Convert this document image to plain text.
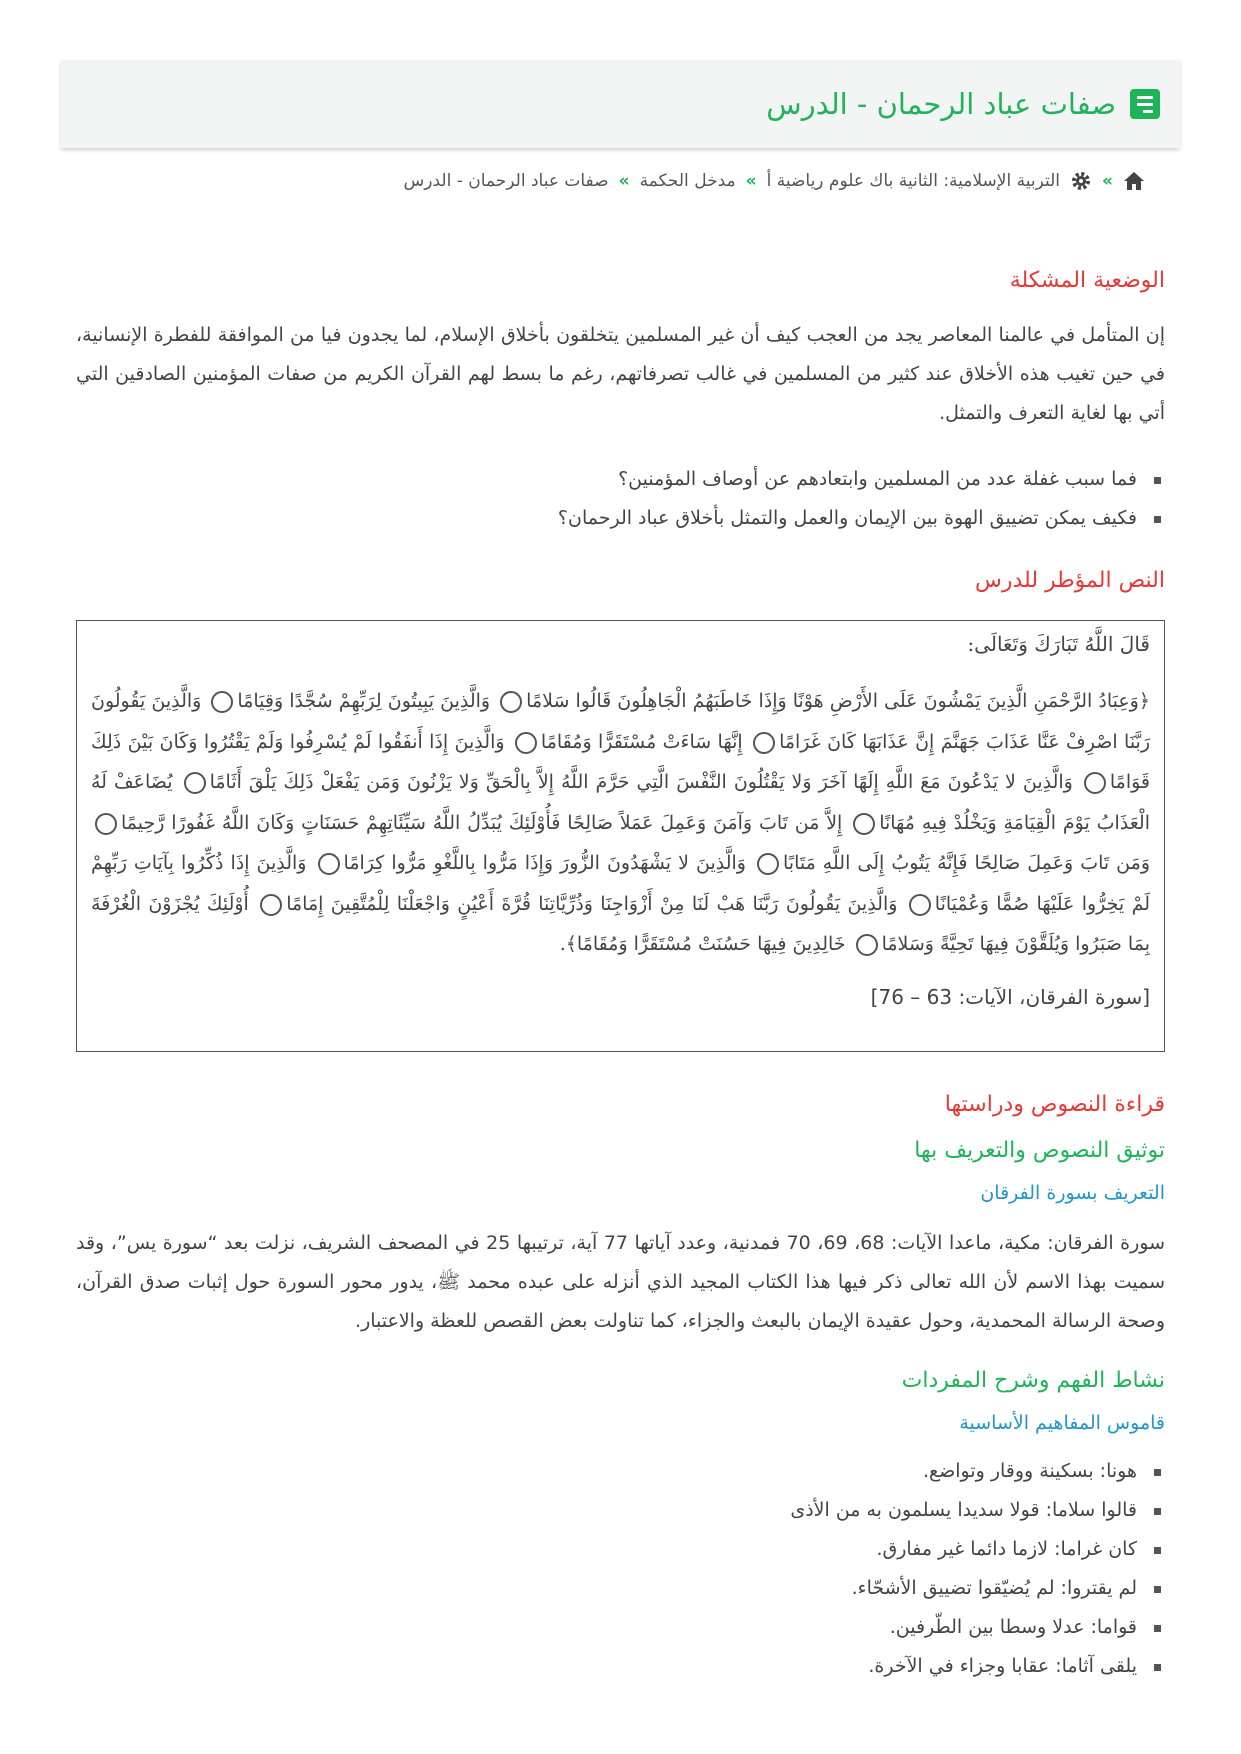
صفات عباد الرحمان - الدرس
»
التربية الإسلامية: الثانية باك علوم رياضية أ
»
مدخل الحكمة
»
صفات عباد الرحمان - الدرس
الوضعية المشكلة

إن المتأمل في عالمنا المعاصر يجد من العجب كيف أن غير المسلمين يتخلقون بأخلاق الإسلام، لما يجدون فيا من الموافقة للفطرة الإنسانية، في حين تغيب هذه الأخلاق عند كثير من المسلمين في غالب تصرفاتهم، رغم ما بسط لهم القرآن الكريم من صفات المؤمنين الصادقين التي أتي بها لغاية التعرف والتمثل.

فما سبب غفلة عدد من المسلمين وابتعادهم عن أوصاف المؤمنين؟
فكيف يمكن تضييق الهوة بين الإيمان والعمل والتمثل بأخلاق عباد الرحمان؟
النص المؤطر للدرس
قَالَ اللَّهُ تَبَارَكَ وَتَعَالَى:
﴿وَعِبَادُ الرَّحْمَنِ الَّذِينَ يَمْشُونَ عَلَى الأَرْضِ هَوْنًا وَإِذَا خَاطَبَهُمُ الْجَاهِلُونَ قَالُوا سَلامًا وَالَّذِينَ يَبِيتُونَ لِرَبِّهِمْ سُجَّدًا وَقِيَامًا وَالَّذِينَ يَقُولُونَ رَبَّنَا اصْرِفْ عَنَّا عَذَابَ جَهَنَّمَ إِنَّ عَذَابَهَا كَانَ غَرَامًا إِنَّهَا سَاءَتْ مُسْتَقَرًّا وَمُقَامًا وَالَّذِينَ إِذَا أَنفَقُوا لَمْ يُسْرِفُوا وَلَمْ يَقْتُرُوا وَكَانَ بَيْنَ ذَلِكَ قَوَامًا وَالَّذِينَ لا يَدْعُونَ مَعَ اللَّهِ إِلَهًا آخَرَ وَلا يَقْتُلُونَ النَّفْسَ الَّتِي حَرَّمَ اللَّهُ إِلاَّ بِالْحَقِّ وَلا يَزْنُونَ وَمَن يَفْعَلْ ذَلِكَ يَلْقَ أَثَامًا يُضَاعَفْ لَهُ الْعَذَابُ يَوْمَ الْقِيَامَةِ وَيَخْلُدْ فِيهِ مُهَانًا إِلاَّ مَن تَابَ وَآمَنَ وَعَمِلَ عَمَلاً صَالِحًا فَأُوْلَئِكَ يُبَدِّلُ اللَّهُ سَيِّئَاتِهِمْ حَسَنَاتٍ وَكَانَ اللَّهُ غَفُورًا رَّحِيمًا وَمَن تَابَ وَعَمِلَ صَالِحًا فَإِنَّهُ يَتُوبُ إِلَى اللَّهِ مَتَابًا وَالَّذِينَ لا يَشْهَدُونَ الزُّورَ وَإِذَا مَرُّوا بِاللَّغْوِ مَرُّوا كِرَامًا وَالَّذِينَ إِذَا ذُكِّرُوا بِآيَاتِ رَبِّهِمْ لَمْ يَخِرُّوا عَلَيْهَا صُمًّا وَعُمْيَانًا وَالَّذِينَ يَقُولُونَ رَبَّنَا هَبْ لَنَا مِنْ أَزْوَاجِنَا وَذُرِّيَّاتِنَا قُرَّةَ أَعْيُنٍ وَاجْعَلْنَا لِلْمُتَّقِينَ إِمَامًا أُوْلَئِكَ يُجْزَوْنَ الْغُرْفَةَ بِمَا صَبَرُوا وَيُلَقَّوْنَ فِيهَا تَحِيَّةً وَسَلامًا خَالِدِينَ فِيهَا حَسُنَتْ مُسْتَقَرًّا وَمُقَامًا﴾.
[سورة الفرقان، الآيات: 63 – 76]
قراءة النصوص ودراستها
توثيق النصوص والتعريف بها
التعريف بسورة الفرقان

سورة الفرقان: مكية، ماعدا الآيات: 68، 69، 70 فمدنية، وعدد آياتها 77 آية، ترتيبها 25 في المصحف الشريف، نزلت بعد “سورة يس”، وقد سميت بهذا الاسم لأن الله تعالى ذكر فيها هذا الكتاب المجيد الذي أنزله على عبده محمد ﷺ، يدور محور السورة حول إثبات صدق القرآن، وصحة الرسالة المحمدية، وحول عقيدة الإيمان بالبعث والجزاء، كما تناولت بعض القصص للعظة والاعتبار.

نشاط الفهم وشرح المفردات
قاموس المفاهيم الأساسية
هونا: بسكينة ووقار وتواضع.
قالوا سلاما: قولا سديدا يسلمون به من الأذى
كان غراما: لازما دائما غير مفارق.
لم يقتروا: لم يُضيّقوا تضييق الأشحّاء.
قواما: عدلا وسطا بين الطّرفين.
يلقى آثاما: عقابا وجزاء في الآخرة.
